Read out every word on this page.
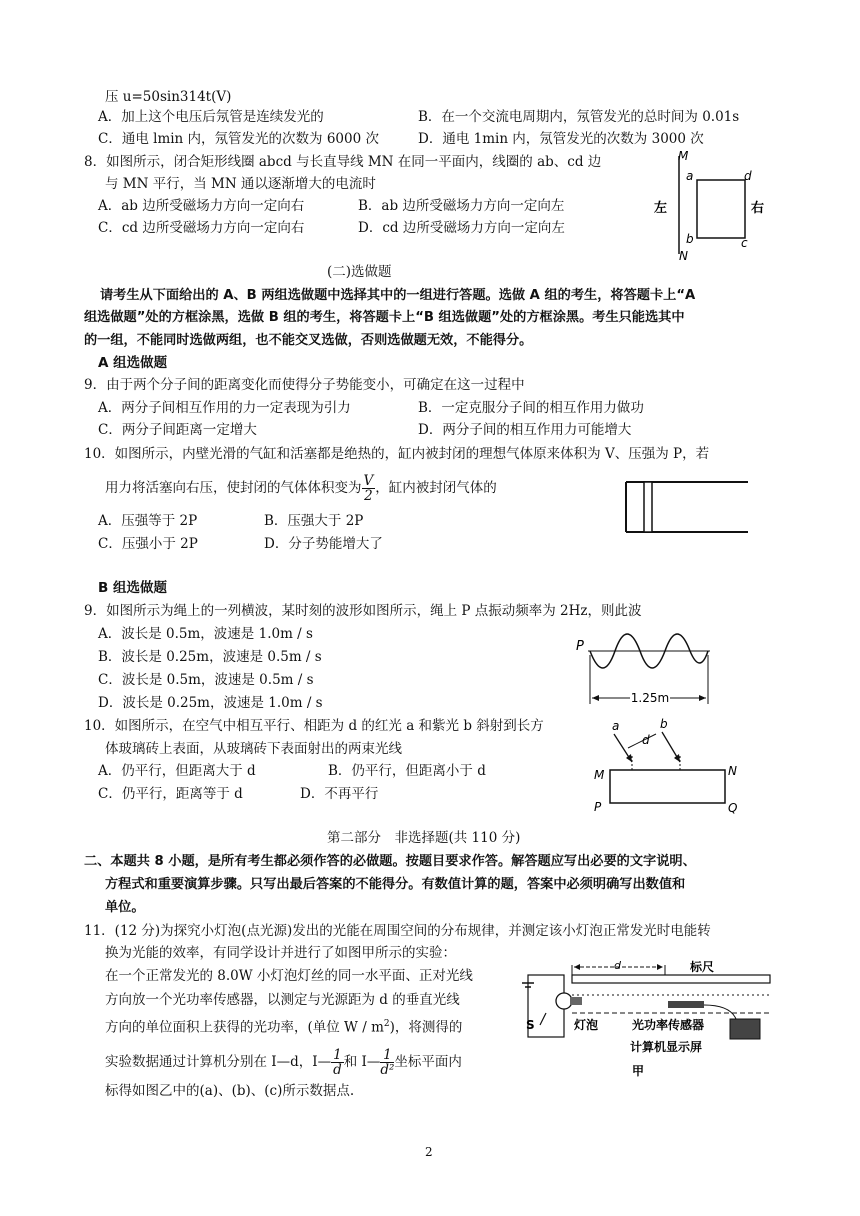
压 u=50sin314t(V)
A．加上这个电压后氖管是连续发光的	B．在一个交流电周期内，氖管发光的总时间为 0.01s
C．通电 lmin 内，氖管发光的次数为 6000 次	D．通电 1min 内，氖管发光的次数为 3000 次
8．如图所示，闭合矩形线圈 abcd 与长直导线 MN 在同一平面内，线圈的 ab、cd 边
与 MN 平行，当 MN 通以逐渐增大的电流时
A．ab 边所受磁场力方向一定向右	B．ab 边所受磁场力方向一定向左
C．cd 边所受磁场力方向一定向右	D．cd 边所受磁场力方向一定向左
M
N
a
b	c
d
左	右
(二)选做题
请考生从下面给出的 A、B 两组选做题中选择其中的一组进行答题。选做 A 组的考生，将答题卡上“A
组选做题”处的方框涂黑，选做 B 组的考生，将答题卡上“B 组选做题”处的方框涂黑。考生只能选其中
的一组，不能同时选做两组，也不能交叉选做，否则选做题无效，不能得分。
A 组选做题
9．由于两个分子间的距离变化而使得分子势能变小，可确定在这一过程中
A．两分子间相互作用的力一定表现为引力	B．一定克服分子间的相互作用力做功
C．两分子间距离一定增大	D．两分子间的相互作用力可能增大
10．如图所示，内壁光滑的气缸和活塞都是绝热的，缸内被封闭的理想气体原来体积为 V、压强为 P，若
用力将活塞向右压，使封闭的气体体积变为 $\frac{V}{2}$ ，缸内被封闭气体的
A．压强等于 2P	B．压强大于 2P
C．压强小于 2P	D．分子势能增大了
B 组选做题
9．如图所示为绳上的一列横波，某时刻的波形如图所示，绳上 P 点振动频率为 2Hz，则此波
A．波长是 0.5m，波速是 1.0m / s
B．波长是 0.25m，波速是 0.5m / s
C．波长是 0.5m，波速是 0.5m / s
D．波长是 0.25m，波速是 1.0m / s
P
1.25m
10．如图所示，在空气中相互平行、相距为 d 的红光 a 和紫光 b 斜射到长方
体玻璃砖上表面，从玻璃砖下表面射出的两束光线
A．仍平行，但距离大于 d	B．仍平行，但距离小于 d
C．仍平行，距离等于 d	D．不再平行
a	b
d
M	N
P	Q
第二部分　非选择题(共 110 分)
二、本题共 8 小题，是所有考生都必须作答的必做题。按题目要求作答。解答题应写出必要的文字说明、
方程式和重要演算步骤。只写出最后答案的不能得分。有数值计算的题，答案中必须明确写出数值和
单位。
11．(12 分)为探究小灯泡(点光源)发出的光能在周围空间的分布规律，并测定该小灯泡正常发光时电能转
换为光能的效率，有同学设计并进行了如图甲所示的实验：
在一个正常发光的 8.0W 小灯泡灯丝的同一水平面、正对光线
方向放一个光功率传感器，以测定与光源距为 d 的垂直光线
方向的单位面积上获得的光功率，(单位 W / $m^2$)，将测得的
实验数据通过计算机分别在 I—d，I— $\frac{1}{d}$ 和 I— $\frac{1}{\text{d²}}$ 坐标平面内
标得如图乙中的(a)、(b)、(c)所示数据点.
标尺
d
S	灯泡	光功率传感器
计算机显示屏
甲
2
